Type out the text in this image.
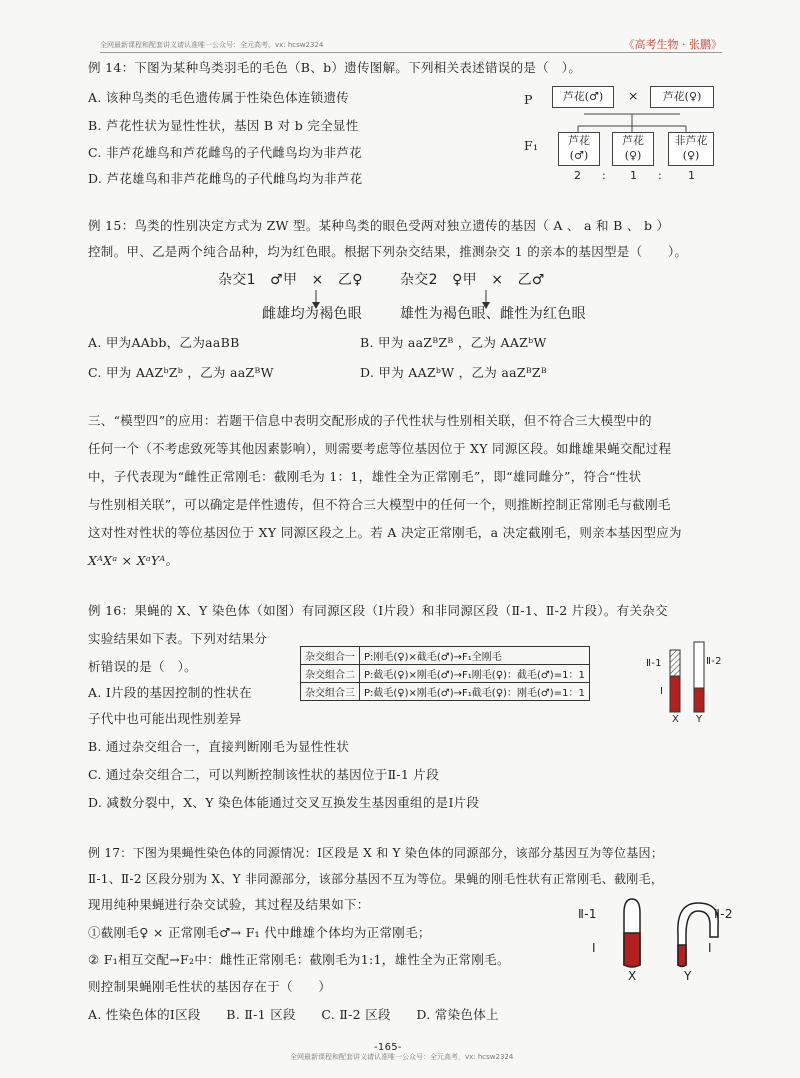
全网最新课程和配套讲义请认准唯一公众号：全元高考，vx: hcsw2324	《高考生物 · 张鹏》
例 14：下图为某种鸟类羽毛的毛色（B、b）遗传图解。下列相关表述错误的是（　）。
A. 该种鸟类的毛色遗传属于性染色体连锁遗传
B. 芦花性状为显性性状，基因 B 对 b 完全显性
C. 非芦花雄鸟和芦花雌鸟的子代雌鸟均为非芦花
D. 芦花雄鸟和非芦花雌鸟的子代雌鸟均为非芦花
P	芦花(♂)	×	芦花(♀)
F₁	芦花
(♂)
芦花
(♀)
非芦花
(♀)
2 : 1 : 1
例 15：鸟类的性别决定方式为 ZW 型。某种鸟类的眼色受两对独立遗传的基因（ A 、 a 和 B 、 b ）
控制。甲、乙是两个纯合品种，均为红色眼。根据下列杂交结果，推测杂交 1 的亲本的基因型是（　　）。
杂交1　♂甲　×　乙♀	杂交2　♀甲　×　乙♂
雌雄均为褐色眼	雄性为褐色眼、雌性为红色眼
A. 甲为AAbb，乙为aaBB	B. 甲为 aaZᴮZᴮ ，乙为 AAZᵇW
C. 甲为 AAZᵇZᵇ ，乙为 aaZᴮW	D. 甲为 AAZᵇW ，乙为 aaZᴮZᴮ
三、“模型四”的应用：若题干信息中表明交配形成的子代性状与性别相关联，但不符合三大模型中的
任何一个（不考虑致死等其他因素影响），则需要考虑等位基因位于 XY 同源区段。如雌雄果蝇交配过程
中，子代表现为“雌性正常刚毛：截刚毛为 1：1，雄性全为正常刚毛”，即“雄同雌分”，符合“性状
与性别相关联”，可以确定是伴性遗传，但不符合三大模型中的任何一个，则推断控制正常刚毛与截刚毛
这对性对性状的等位基因位于 XY 同源区段之上。若 A 决定正常刚毛，a 决定截刚毛，则亲本基因型应为
XᴬXᵃ × XᵃYᴬ。
例 16：果蝇的 X、Y 染色体（如图）有同源区段（Ⅰ片段）和非同源区段（Ⅱ-1、Ⅱ-2 片段）。有关杂交
实验结果如下表。下列对结果分
析错误的是（　）。
A. Ⅰ片段的基因控制的性状在
子代中也可能出现性别差异
B. 通过杂交组合一，直接判断刚毛为显性性状
C. 通过杂交组合二，可以判断控制该性状的基因位于Ⅱ-1 片段
D. 减数分裂中，X、Y 染色体能通过交叉互换发生基因重组的是Ⅰ片段
杂交组合一	P:刚毛(♀)×截毛(♂)→F₁全刚毛
杂交组合二	P:截毛(♀)×刚毛(♂)→F₁刚毛(♀)：截毛(♂)=1：1
杂交组合三	P:截毛(♀)×刚毛(♂)→F₁截毛(♀)：刚毛(♂)=1：1
Ⅱ-1	Ⅱ-2
Ⅰ
X Y
例 17：下图为果蝇性染色体的同源情况：Ⅰ区段是 X 和 Y 染色体的同源部分，该部分基因互为等位基因；
Ⅱ-1、Ⅱ-2 区段分别为 X、Y 非同源部分，该部分基因不互为等位。果蝇的刚毛性状有正常刚毛、截刚毛，
现用纯种果蝇进行杂交试验，其过程及结果如下：
①截刚毛♀ × 正常刚毛♂→ F₁ 代中雌雄个体均为正常刚毛；
② F₁相互交配→F₂中：雌性正常刚毛：截刚毛为1:1，雄性全为正常刚毛。
则控制果蝇刚毛性状的基因存在于（　　）
A. 性染色体的Ⅰ区段　　B. Ⅱ-1 区段　　C. Ⅱ-2 区段　　D. 常染色体上
Ⅱ-1	Ⅱ-2
Ⅰ	Ⅰ
X	Y
全网最新课程和配套讲义请认准唯一公众号：全元高考，vx: hcsw2324
-165-
